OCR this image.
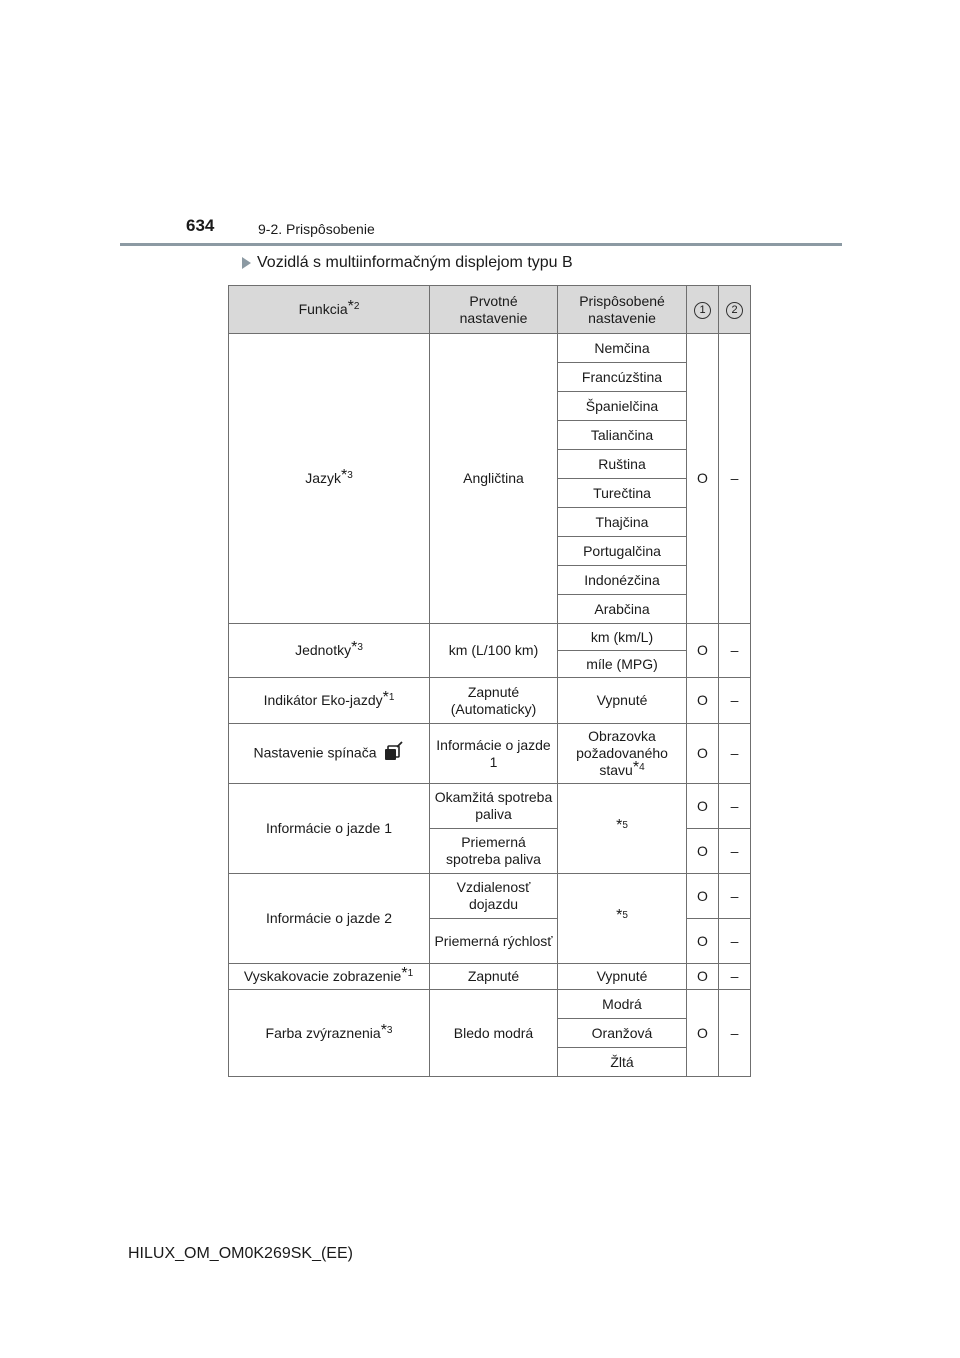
634	9-2. Prispôsobenie
Vozidlá s multiinformačným displejom typu B
Funkcia*$^2$	Prvotné nastavenie	Prispôsobené nastavenie	1	2
Jazyk*$^3$	Angličtina	Nemčina	O	–
		Francúzština		
		Španielčina		
		Taliančina		
		Ruština		
		Turečtina		
		Thajčina		
		Portugalčina		
		Indonézčina		
		Arabčina		
Jednotky*$^3$	km (L/100 km)	km (km/L)	O	–
		míle (MPG)		
Indikátor Eko-jazdy*$^1$	Zapnuté (Automaticky)	Vypnuté	O	–
Nastavenie spínača	Informácie o jazde 1	Obrazovka požadovaného stavu*$^4$	O	–
Informácie o jazde 1	Okamžitá spotreba paliva	*$^5$	O	–
	Priemerná spotreba paliva		O	–
Informácie o jazde 2	Vzdialenosť dojazdu	*$^5$	O	–
	Priemerná rýchlosť		O	–
Vyskakovacie zobrazenie*$^1$	Zapnuté	Vypnuté	O	–
Farba zvýraznenia*$^3$	Bledo modrá	Modrá	O	–
		Oranžová		
		Žltá		
HILUX_OM_OM0K269SK_(EE)
